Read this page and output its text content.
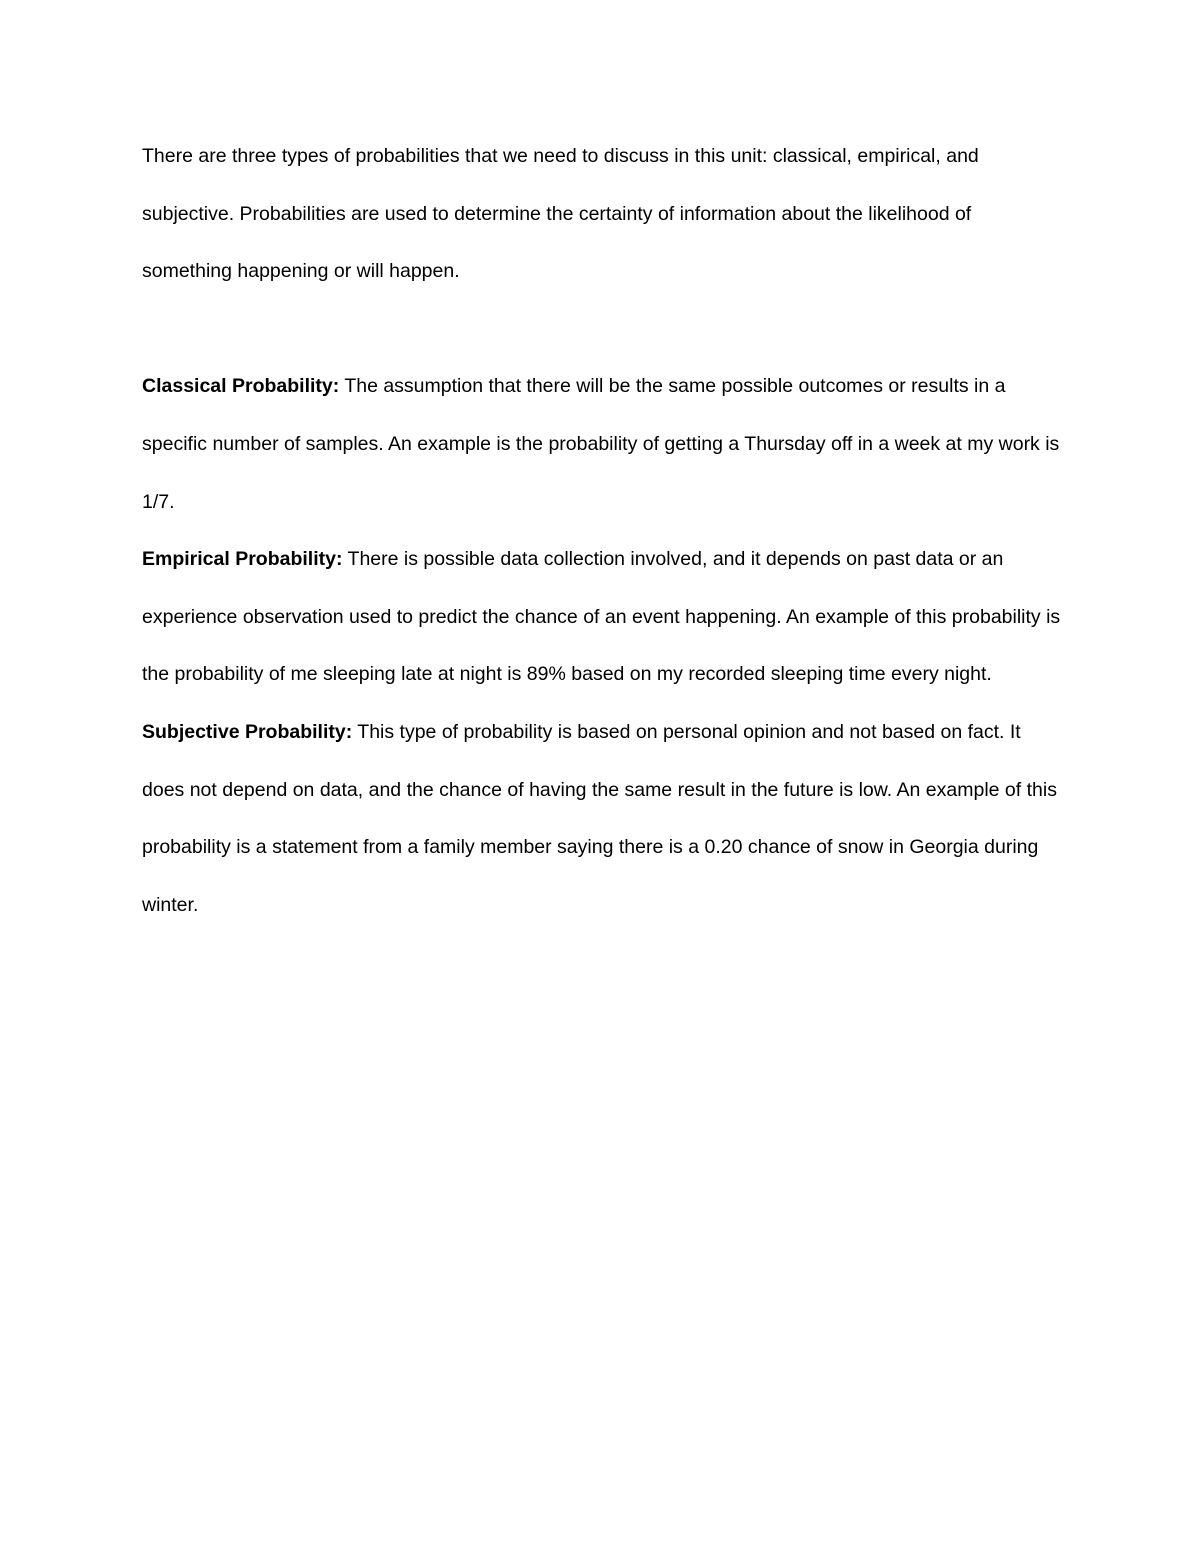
There are three types of probabilities that we need to discuss in this unit: classical, empirical, and subjective. Probabilities are used to determine the certainty of information about the likelihood of something happening or will happen.

Classical Probability: The assumption that there will be the same possible outcomes or results in a specific number of samples. An example is the probability of getting a Thursday off in a week at my work is 1/7.

Empirical Probability: There is possible data collection involved, and it depends on past data or an experience observation used to predict the chance of an event happening. An example of this probability is the probability of me sleeping late at night is 89% based on my recorded sleeping time every night.

Subjective Probability: This type of probability is based on personal opinion and not based on fact. It does not depend on data, and the chance of having the same result in the future is low. An example of this probability is a statement from a family member saying there is a 0.20 chance of snow in Georgia during winter.
